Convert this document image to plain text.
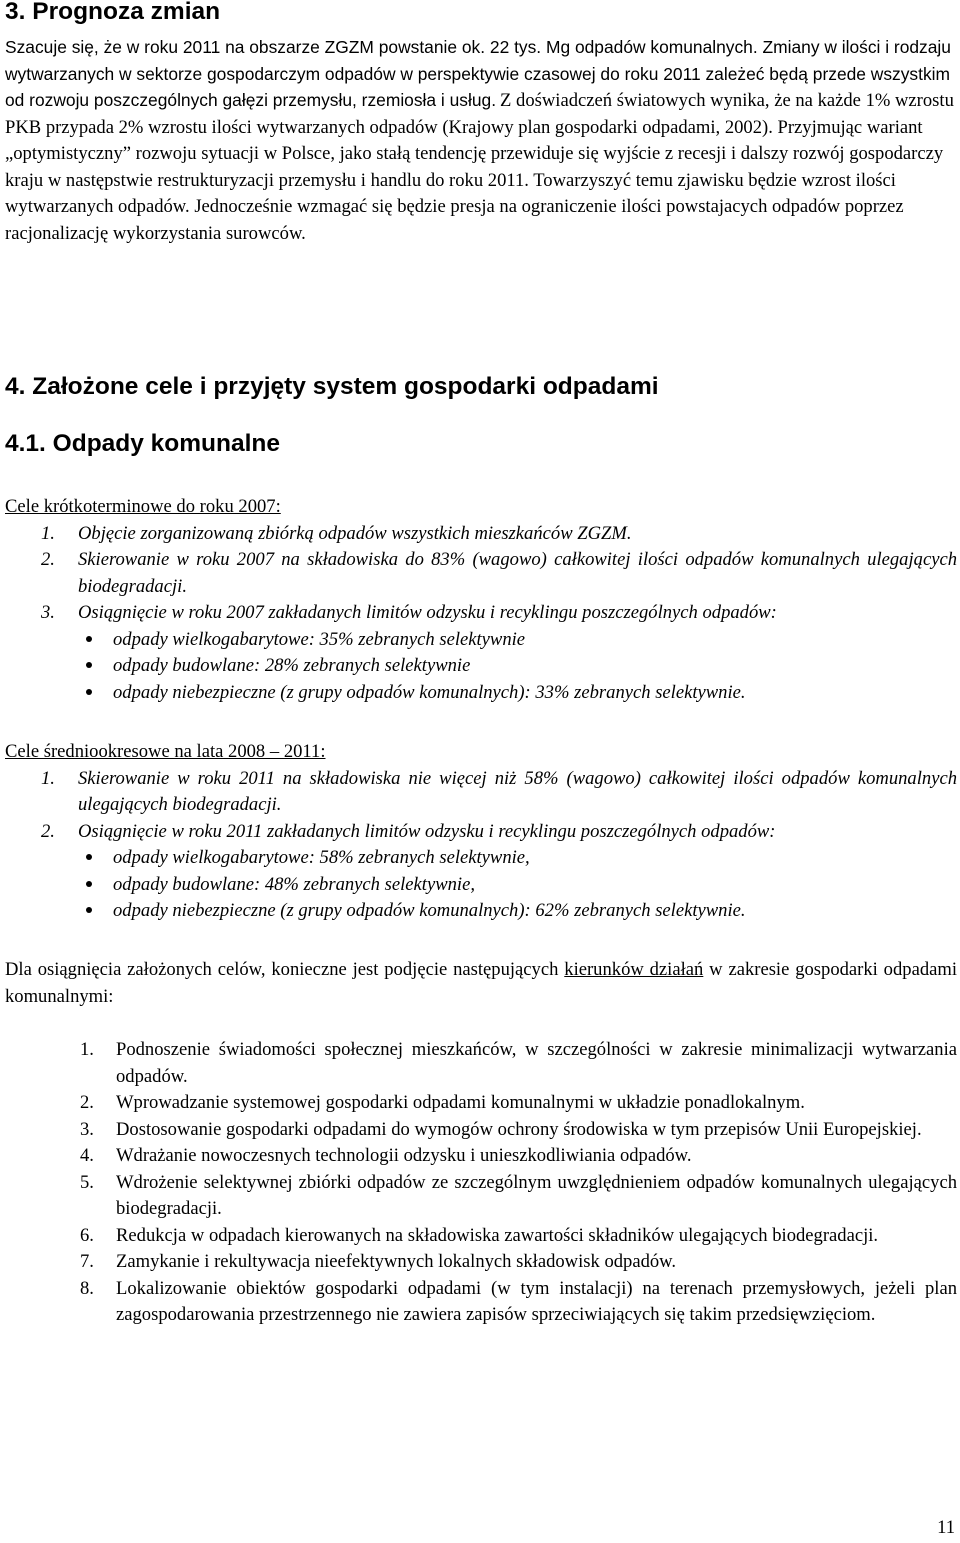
3. Prognoza zmian

Szacuje się, że w roku 2011 na obszarze ZGZM powstanie ok. 22 tys. Mg odpadów komunalnych. Zmiany w ilości i rodzaju wytwarzanych w sektorze gospodarczym odpadów w perspektywie czasowej do roku 2011 zależeć będą przede wszystkim od rozwoju poszczególnych gałęzi przemysłu, rzemiosła i usług.

Z doświadczeń światowych wynika, że na każde 1% wzrostu PKB przypada 2% wzrostu ilości wytwarzanych odpadów (Krajowy plan gospodarki odpadami, 2002). Przyjmując wariant „optymistyczny” rozwoju sytuacji w Polsce, jako stałą tendencję przewiduje się wyjście z recesji i dalszy rozwój gospodarczy kraju w następstwie restrukturyzacji przemysłu i handlu do roku 2011. Towarzyszyć temu zjawisku będzie wzrost ilości wytwarzanych odpadów. Jednocześnie wzmagać się będzie presja na ograniczenie ilości powstajacych odpadów poprzez racjonalizację wykorzystania surowców.

4. Założone cele i przyjęty system gospodarki odpadami
4.1. Odpady komunalne

Cele krótkoterminowe do roku 2007:

1.	Objęcie zorganizowaną zbiórką odpadów wszystkich mieszkańców ZGZM.
2.	Skierowanie w roku 2007 na składowiska do 83% (wagowo) całkowitej ilości odpadów komunalnych ulegających biodegradacji.
3.	Osiągnięcie w roku 2007 zakładanych limitów odzysku i recyklingu poszczególnych odpadów:
odpady wielkogabarytowe: 35% zebranych selektywnie
odpady budowlane: 28% zebranych selektywnie
odpady niebezpieczne (z grupy odpadów komunalnych): 33% zebranych selektywnie.

Cele średniookresowe na lata 2008 – 2011:

1.	Skierowanie w roku 2011 na składowiska nie więcej niż 58% (wagowo) całkowitej ilości odpadów komunalnych ulegających biodegradacji.
2.	Osiągnięcie w roku 2011 zakładanych limitów odzysku i recyklingu poszczególnych odpadów:
odpady wielkogabarytowe: 58% zebranych selektywnie,
odpady budowlane: 48% zebranych selektywnie,
odpady niebezpieczne (z grupy odpadów komunalnych): 62% zebranych selektywnie.

Dla osiągnięcia założonych celów, konieczne jest podjęcie następujących kierunków działań w zakresie gospodarki odpadami komunalnymi:

1.	Podnoszenie świadomości społecznej mieszkańców, w szczególności w zakresie minimalizacji wytwarzania odpadów.
2.	Wprowadzanie systemowej gospodarki odpadami komunalnymi w układzie ponadlokalnym.
3.	Dostosowanie gospodarki odpadami do wymogów ochrony środowiska w tym przepisów Unii Europejskiej.
4.	Wdrażanie nowoczesnych technologii odzysku i unieszkodliwiania odpadów.
5.	Wdrożenie selektywnej zbiórki odpadów ze szczególnym uwzględnieniem odpadów komunalnych ulegających biodegradacji.
6.	Redukcja w odpadach kierowanych na składowiska zawartości składników ulegających biodegradacji.
7.	Zamykanie i rekultywacja nieefektywnych lokalnych składowisk odpadów.
8.	Lokalizowanie obiektów gospodarki odpadami (w tym instalacji) na terenach przemysłowych, jeżeli plan zagospodarowania przestrzennego nie zawiera zapisów sprzeciwiających się takim przedsięwzięciom.
11
